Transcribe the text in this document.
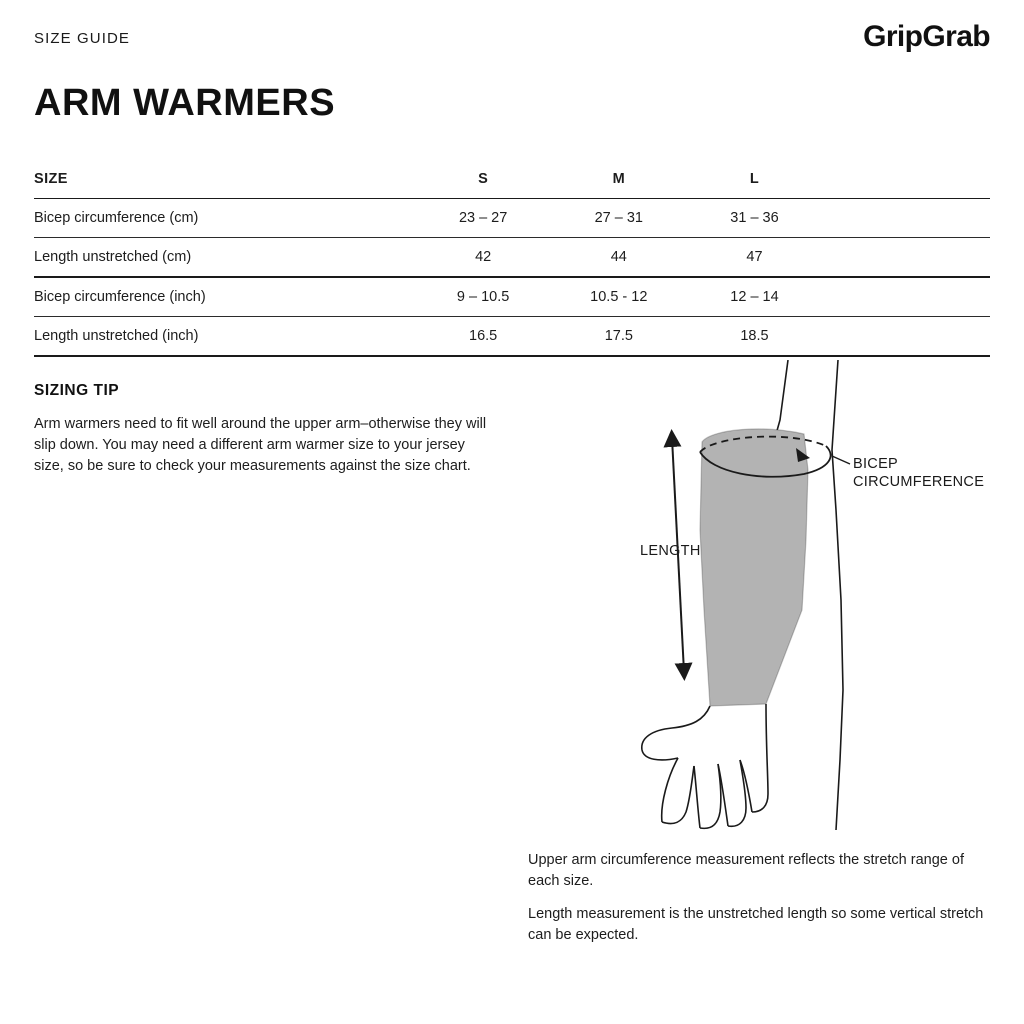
SIZE GUIDE	GripGrab
ARM WARMERS
SIZE	S	M	L	
Bicep circumference (cm)	23 – 27	27 – 31	31 – 36	
Length unstretched (cm)	42	44	47	
Bicep circumference (inch)	9 – 10.5	10.5 - 12	12 – 14	
Length unstretched (inch)	16.5	17.5	18.5	
SIZING TIP

Arm warmers need to fit well around the upper arm–otherwise they will slip down. You may need a different arm warmer size to your jersey size, so be sure to check your measurements against the size chart.

LENGTH
BICEP
CIRCUMFERENCE

Upper arm circumference measurement reflects the stretch range of each size.

Length measurement is the unstretched length so some vertical stretch can be expected.
